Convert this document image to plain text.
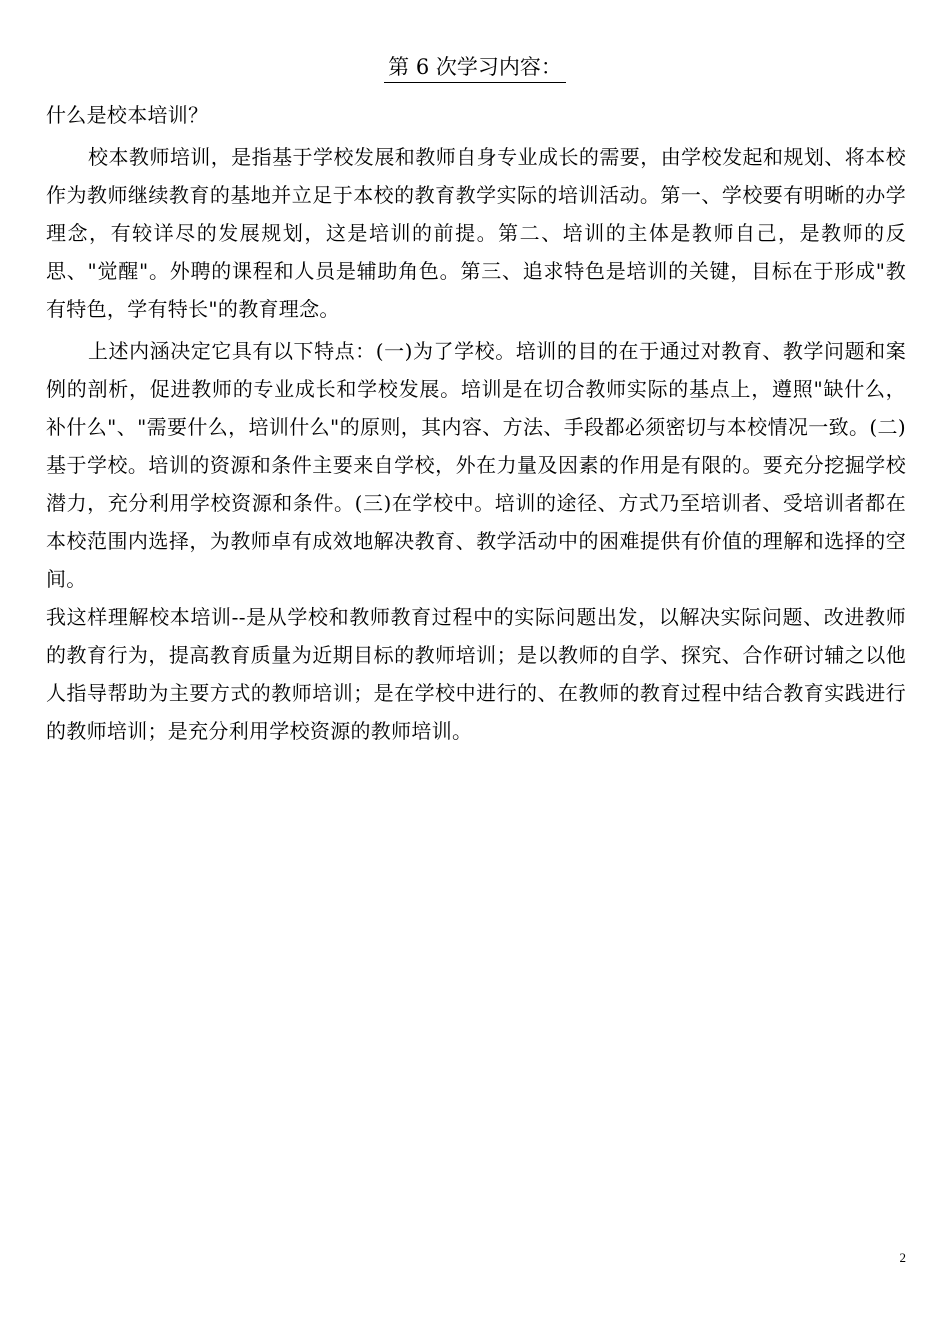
第 6 次学习内容：

什么是校本培训？

校本教师培训，是指基于学校发展和教师自身专业成长的需要，由学校发起和规划、将本校作为教师继续教育的基地并立足于本校的教育教学实际的培训活动。第一、学校要有明晰的办学理念，有较详尽的发展规划，这是培训的前提。第二、培训的主体是教师自己，是教师的反思、"觉醒"。外聘的课程和人员是辅助角色。第三、追求特色是培训的关键，目标在于形成"教有特色，学有特长"的教育理念。

上述内涵决定它具有以下特点：(一)为了学校。培训的目的在于通过对教育、教学问题和案例的剖析，促进教师的专业成长和学校发展。培训是在切合教师实际的基点上，遵照"缺什么，补什么"、"需要什么，培训什么"的原则，其内容、方法、手段都必须密切与本校情况一致。(二)基于学校。培训的资源和条件主要来自学校，外在力量及因素的作用是有限的。要充分挖掘学校潜力，充分利用学校资源和条件。(三)在学校中。培训的途径、方式乃至培训者、受培训者都在本校范围内选择，为教师卓有成效地解决教育、教学活动中的困难提供有价值的理解和选择的空间。

我这样理解校本培训--是从学校和教师教育过程中的实际问题出发，以解决实际问题、改进教师的教育行为，提高教育质量为近期目标的教师培训；是以教师的自学、探究、合作研讨辅之以他人指导帮助为主要方式的教师培训；是在学校中进行的、在教师的教育过程中结合教育实践进行的教师培训；是充分利用学校资源的教师培训。

2
